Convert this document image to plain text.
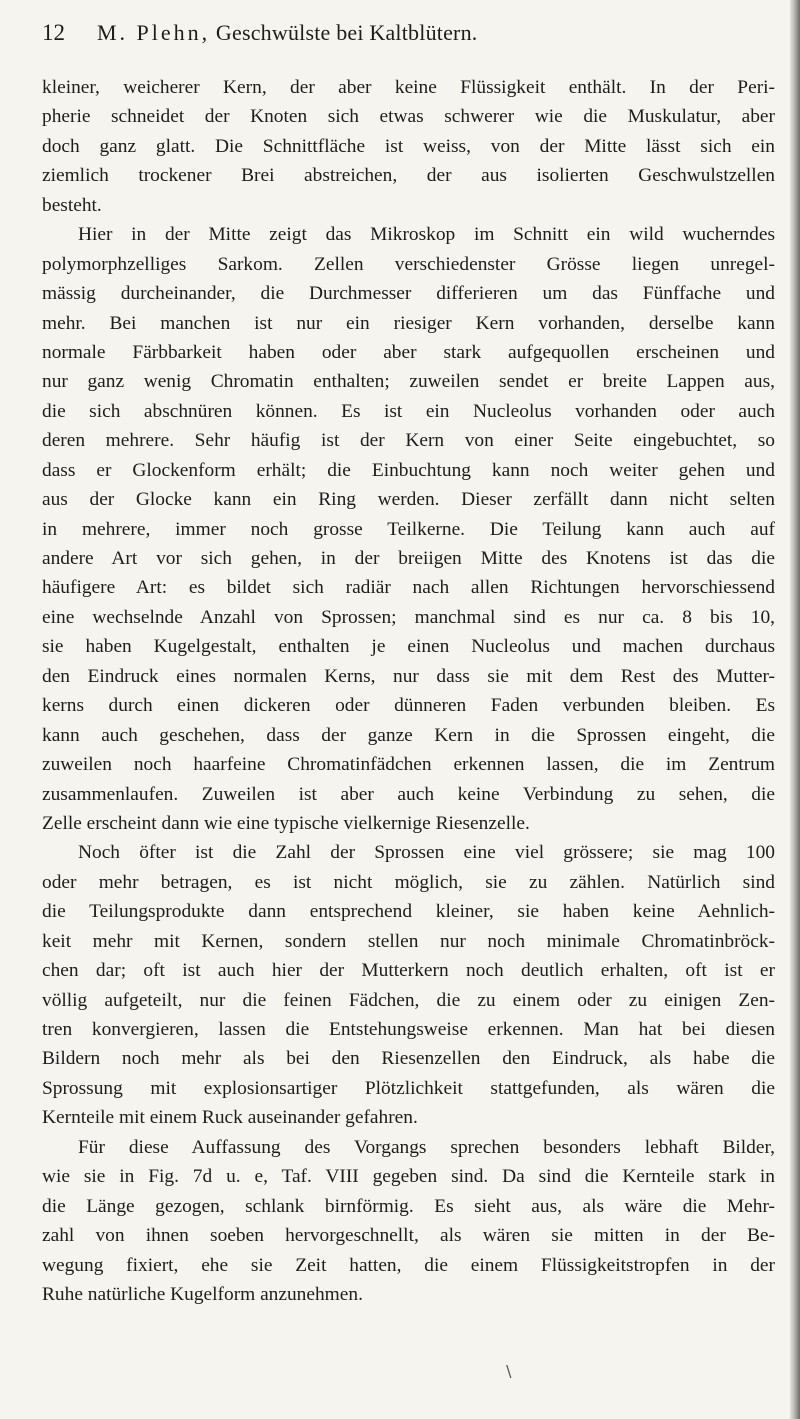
12 M. Plehn, Geschwülste bei Kaltblütern.
kleiner, weicherer Kern, der aber keine Flüssigkeit enthält. In der Peri-
pherie schneidet der Knoten sich etwas schwerer wie die Muskulatur, aber
doch ganz glatt. Die Schnittfläche ist weiss, von der Mitte lässt sich ein
ziemlich trockener Brei abstreichen, der aus isolierten Geschwulstzellen
besteht.
Hier in der Mitte zeigt das Mikroskop im Schnitt ein wild wucherndes
polymorphzelliges Sarkom. Zellen verschiedenster Grösse liegen unregel-
mässig durcheinander, die Durchmesser differieren um das Fünffache und
mehr. Bei manchen ist nur ein riesiger Kern vorhanden, derselbe kann
normale Färbbarkeit haben oder aber stark aufgequollen erscheinen und
nur ganz wenig Chromatin enthalten; zuweilen sendet er breite Lappen aus,
die sich abschnüren können. Es ist ein Nucleolus vorhanden oder auch
deren mehrere. Sehr häufig ist der Kern von einer Seite eingebuchtet, so
dass er Glockenform erhält; die Einbuchtung kann noch weiter gehen und
aus der Glocke kann ein Ring werden. Dieser zerfällt dann nicht selten
in mehrere, immer noch grosse Teilkerne. Die Teilung kann auch auf
andere Art vor sich gehen, in der breiigen Mitte des Knotens ist das die
häufigere Art: es bildet sich radiär nach allen Richtungen hervorschiessend
eine wechselnde Anzahl von Sprossen; manchmal sind es nur ca. 8 bis 10,
sie haben Kugelgestalt, enthalten je einen Nucleolus und machen durchaus
den Eindruck eines normalen Kerns, nur dass sie mit dem Rest des Mutter-
kerns durch einen dickeren oder dünneren Faden verbunden bleiben. Es
kann auch geschehen, dass der ganze Kern in die Sprossen eingeht, die
zuweilen noch haarfeine Chromatinfädchen erkennen lassen, die im Zentrum
zusammenlaufen. Zuweilen ist aber auch keine Verbindung zu sehen, die
Zelle erscheint dann wie eine typische vielkernige Riesenzelle.
Noch öfter ist die Zahl der Sprossen eine viel grössere; sie mag 100
oder mehr betragen, es ist nicht möglich, sie zu zählen. Natürlich sind
die Teilungsprodukte dann entsprechend kleiner, sie haben keine Aehnlich-
keit mehr mit Kernen, sondern stellen nur noch minimale Chromatinbröck-
chen dar; oft ist auch hier der Mutterkern noch deutlich erhalten, oft ist er
völlig aufgeteilt, nur die feinen Fädchen, die zu einem oder zu einigen Zen-
tren konvergieren, lassen die Entstehungsweise erkennen. Man hat bei diesen
Bildern noch mehr als bei den Riesenzellen den Eindruck, als habe die
Sprossung mit explosionsartiger Plötzlichkeit stattgefunden, als wären die
Kernteile mit einem Ruck auseinander gefahren.
Für diese Auffassung des Vorgangs sprechen besonders lebhaft Bilder,
wie sie in Fig. 7d u. e, Taf. VIII gegeben sind. Da sind die Kernteile stark in
die Länge gezogen, schlank birnförmig. Es sieht aus, als wäre die Mehr-
zahl von ihnen soeben hervorgeschnellt, als wären sie mitten in der Be-
wegung fixiert, ehe sie Zeit hatten, die einem Flüssigkeitstropfen in der
Ruhe natürliche Kugelform anzunehmen.
∖
